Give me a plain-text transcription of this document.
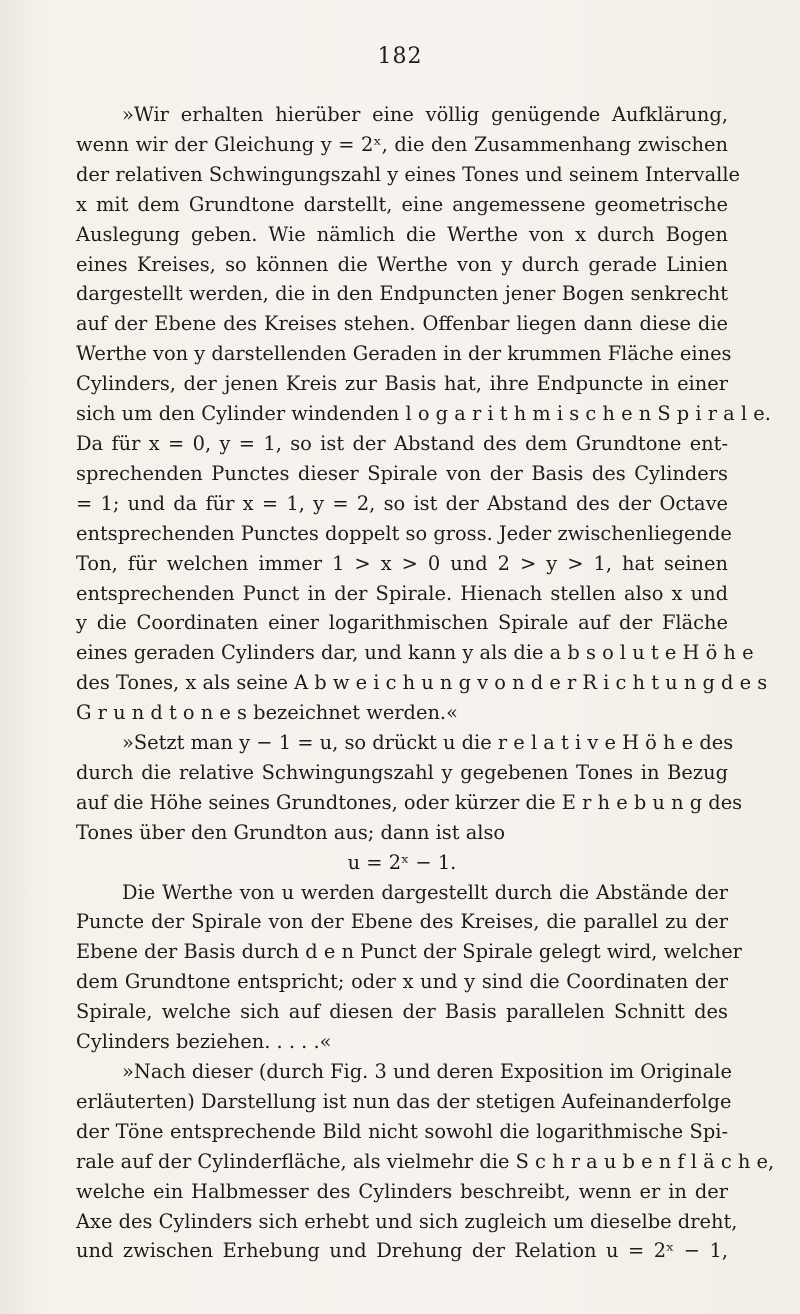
182
»Wir erhalten hierüber eine völlig genügende Aufklärung,
wenn wir der Gleichung y = 2ˣ, die den Zusammenhang zwischen
der relativen Schwingungszahl y eines Tones und seinem Intervalle
x mit dem Grundtone darstellt, eine angemessene geometrische
Auslegung geben. Wie nämlich die Werthe von x durch Bogen
eines Kreises, so können die Werthe von y durch gerade Linien
dargestellt werden, die in den Endpuncten jener Bogen senkrecht
auf der Ebene des Kreises stehen. Offenbar liegen dann diese die
Werthe von y darstellenden Geraden in der krummen Fläche eines
Cylinders, der jenen Kreis zur Basis hat, ihre Endpuncte in einer
sich um den Cylinder windenden l o g a r i t h m i s c h e n S p i r a l e.
Da für x = 0, y = 1, so ist der Abstand des dem Grundtone ent-
sprechenden Punctes dieser Spirale von der Basis des Cylinders
= 1; und da für x = 1, y = 2, so ist der Abstand des der Octave
entsprechenden Punctes doppelt so gross. Jeder zwischenliegende
Ton, für welchen immer 1 > x > 0 und 2 > y > 1, hat seinen
entsprechenden Punct in der Spirale. Hienach stellen also x und
y die Coordinaten einer logarithmischen Spirale auf der Fläche
eines geraden Cylinders dar, und kann y als die a b s o l u t e H ö h e
des Tones, x als seine A b w e i c h u n g v o n d e r R i c h t u n g d e s
G r u n d t o n e s bezeichnet werden.«
»Setzt man y − 1 = u, so drückt u die r e l a t i v e H ö h e des
durch die relative Schwingungszahl y gegebenen Tones in Bezug
auf die Höhe seines Grundtones, oder kürzer die E r h e b u n g des
Tones über den Grundton aus; dann ist also
u = 2ˣ − 1.
Die Werthe von u werden dargestellt durch die Abstände der
Puncte der Spirale von der Ebene des Kreises, die parallel zu der
Ebene der Basis durch d e n Punct der Spirale gelegt wird, welcher
dem Grundtone entspricht; oder x und y sind die Coordinaten der
Spirale, welche sich auf diesen der Basis parallelen Schnitt des
Cylinders beziehen. . . . .«
»Nach dieser (durch Fig. 3 und deren Exposition im Originale
erläuterten) Darstellung ist nun das der stetigen Aufeinanderfolge
der Töne entsprechende Bild nicht sowohl die logarithmische Spi-
rale auf der Cylinderfläche, als vielmehr die S c h r a u b e n f l ä c h e,
welche ein Halbmesser des Cylinders beschreibt, wenn er in der
Axe des Cylinders sich erhebt und sich zugleich um dieselbe dreht,
und zwischen Erhebung und Drehung der Relation u = 2ˣ − 1,
